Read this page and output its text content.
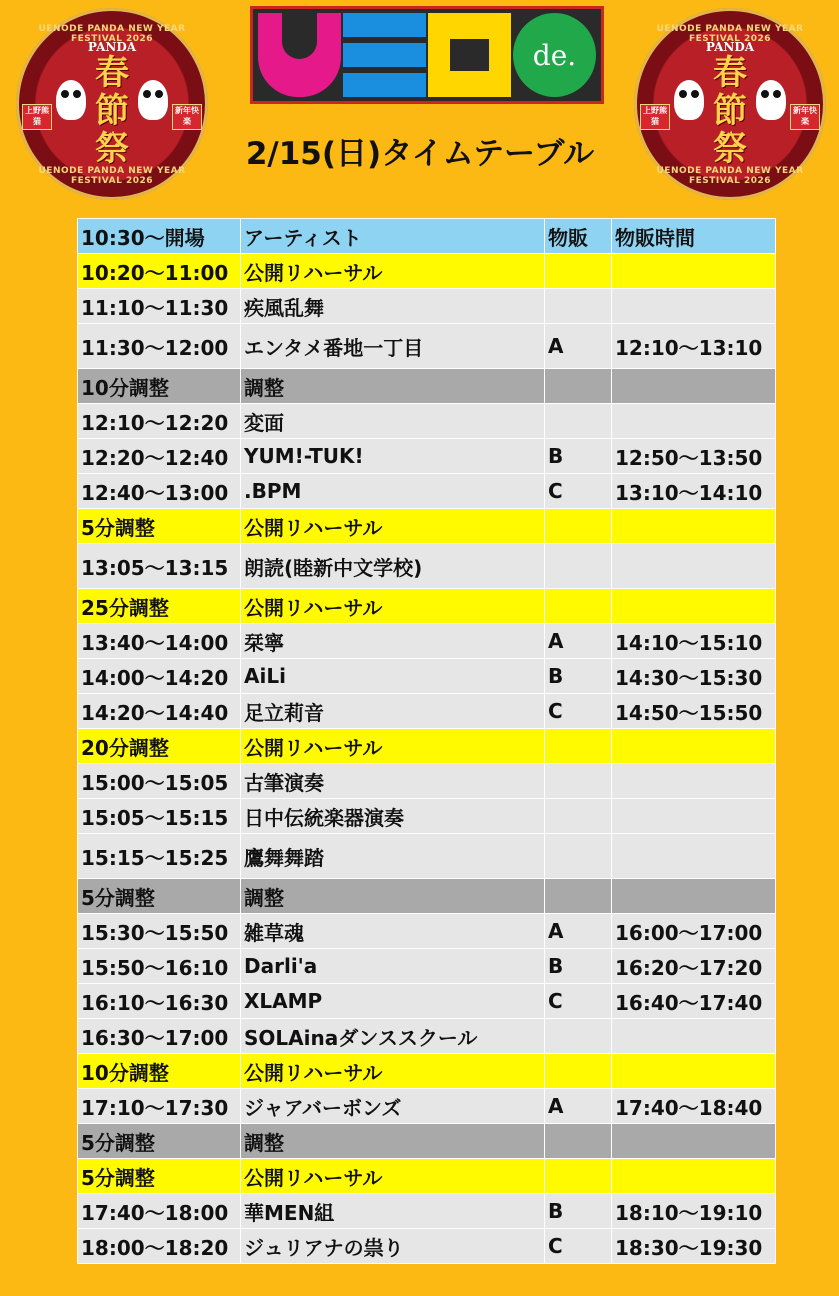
de.
UENODE PANDA NEW YEAR FESTIVAL 2026
PANDA
春節祭
上野熊猫
新年快楽
UENODE PANDA NEW YEAR FESTIVAL 2026
UENODE PANDA NEW YEAR FESTIVAL 2026
PANDA
春節祭
上野熊猫
新年快楽
UENODE PANDA NEW YEAR FESTIVAL 2026
2/15(日)タイムテーブル
10:30〜開場	アーティスト	物販	物販時間
10:20〜11:00	公開リハーサル		
11:10〜11:30	疾風乱舞		
11:30〜12:00	エンタメ番地一丁目	A	12:10〜13:10
10分調整	調整		
12:10〜12:20	変面		
12:20〜12:40	YUM!-TUK!	B	12:50〜13:50
12:40〜13:00	.BPM	C	13:10〜14:10
5分調整	公開リハーサル		
13:05〜13:15	朗読(睦新中文学校)		
25分調整	公開リハーサル		
13:40〜14:00	栞寧	A	14:10〜15:10
14:00〜14:20	AiLi	B	14:30〜15:30
14:20〜14:40	足立莉音	C	14:50〜15:50
20分調整	公開リハーサル		
15:00〜15:05	古筆演奏		
15:05〜15:15	日中伝統楽器演奏		
15:15〜15:25	鷹舞舞踏		
5分調整	調整		
15:30〜15:50	雑草魂	A	16:00〜17:00
15:50〜16:10	Darli'a	B	16:20〜17:20
16:10〜16:30	XLAMP	C	16:40〜17:40
16:30〜17:00	SOLAinaダンススクール		
10分調整	公開リハーサル		
17:10〜17:30	ジャアバーボンズ	A	17:40〜18:40
5分調整	調整		
5分調整	公開リハーサル		
17:40〜18:00	華MEN組	B	18:10〜19:10
18:00〜18:20	ジュリアナの祟り	C	18:30〜19:30
